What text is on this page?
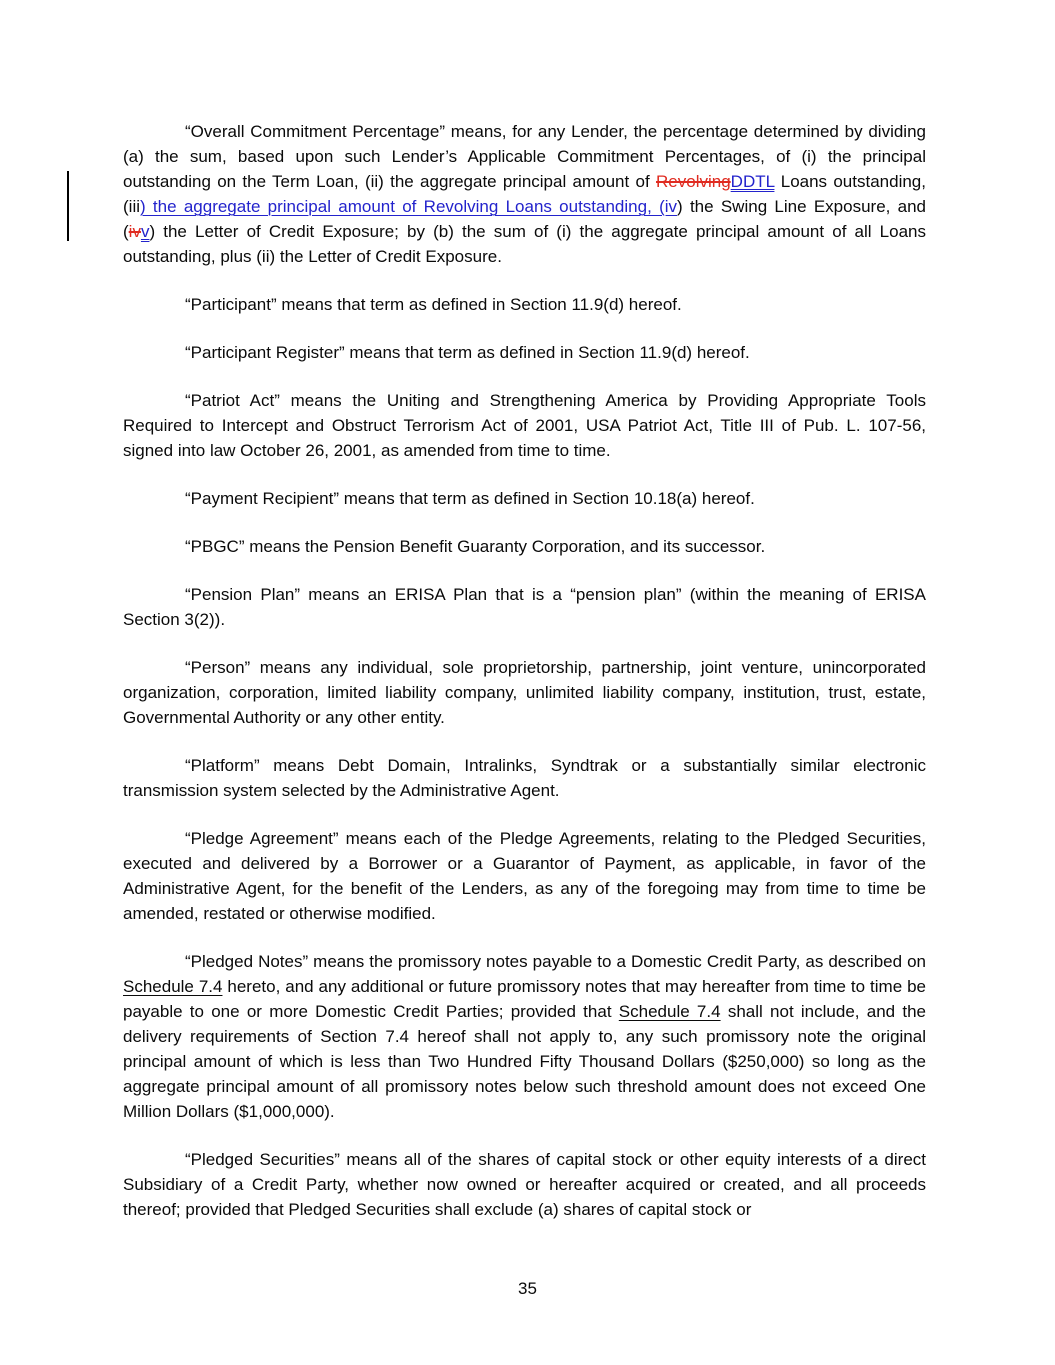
“Overall Commitment Percentage” means, for any Lender, the percentage determined by dividing (a) the sum, based upon such Lender’s Applicable Commitment Percentages, of (i) the principal outstanding on the Term Loan, (ii) the aggregate principal amount of RevolvingDDTL Loans outstanding, (iii) the aggregate principal amount of Revolving Loans outstanding, (iv) the Swing Line Exposure, and (ivv) the Letter of Credit Exposure; by (b) the sum of (i) the aggregate principal amount of all Loans outstanding, plus (ii) the Letter of Credit Exposure.

“Participant” means that term as defined in Section 11.9(d) hereof.

“Participant Register” means that term as defined in Section 11.9(d) hereof.

“Patriot Act” means the Uniting and Strengthening America by Providing Appropriate Tools Required to Intercept and Obstruct Terrorism Act of 2001, USA Patriot Act, Title III of Pub. L. 107-56, signed into law October 26, 2001, as amended from time to time.

“Payment Recipient” means that term as defined in Section 10.18(a) hereof.

“PBGC” means the Pension Benefit Guaranty Corporation, and its successor.

“Pension Plan” means an ERISA Plan that is a “pension plan” (within the meaning of ERISA Section 3(2)).

“Person” means any individual, sole proprietorship, partnership, joint venture, unincorporated organization, corporation, limited liability company, unlimited liability company, institution, trust, estate, Governmental Authority or any other entity.

“Platform” means Debt Domain, Intralinks, Syndtrak or a substantially similar electronic transmission system selected by the Administrative Agent.

“Pledge Agreement” means each of the Pledge Agreements, relating to the Pledged Securities, executed and delivered by a Borrower or a Guarantor of Payment, as applicable, in favor of the Administrative Agent, for the benefit of the Lenders, as any of the foregoing may from time to time be amended, restated or otherwise modified.

“Pledged Notes” means the promissory notes payable to a Domestic Credit Party, as described on Schedule 7.4 hereto, and any additional or future promissory notes that may hereafter from time to time be payable to one or more Domestic Credit Parties; provided that Schedule 7.4 shall not include, and the delivery requirements of Section 7.4 hereof shall not apply to, any such promissory note the original principal amount of which is less than Two Hundred Fifty Thousand Dollars ($250,000) so long as the aggregate principal amount of all promissory notes below such threshold amount does not exceed One Million Dollars ($1,000,000).

“Pledged Securities” means all of the shares of capital stock or other equity interests of a direct Subsidiary of a Credit Party, whether now owned or hereafter acquired or created, and all proceeds thereof; provided that Pledged Securities shall exclude (a) shares of capital stock or

35
